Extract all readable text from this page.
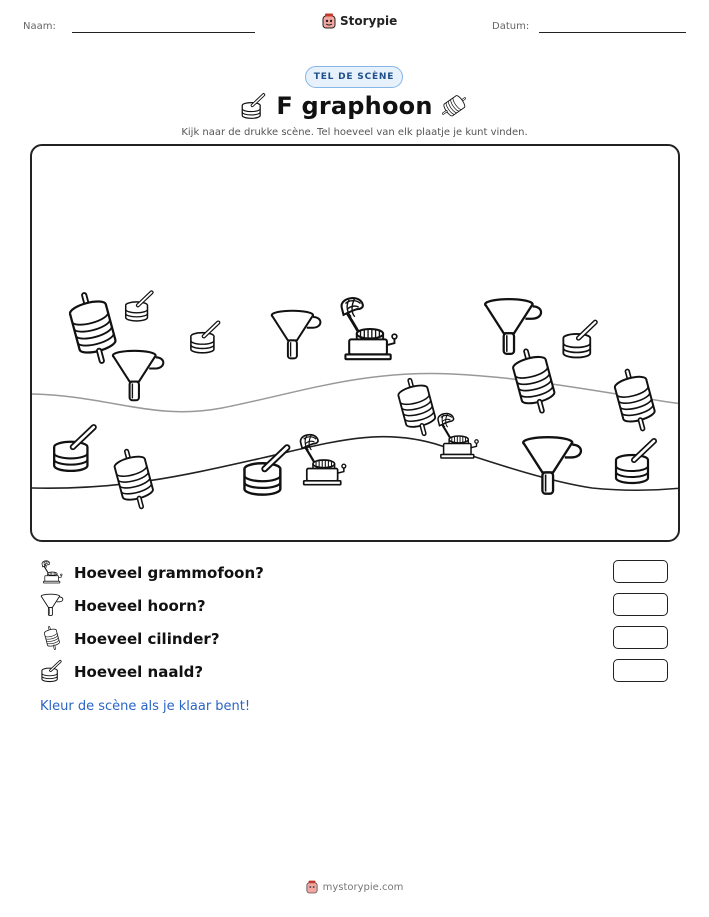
Naam:	Storypie	Datum:
TEL DE SCÈNE
F graphoon
Kijk naar de drukke scène. Tel hoeveel van elk plaatje je kunt vinden.
Hoeveel grammofoon?
Hoeveel hoorn?
Hoeveel cilinder?
Hoeveel naald?
Kleur de scène als je klaar bent!
mystorypie.com
